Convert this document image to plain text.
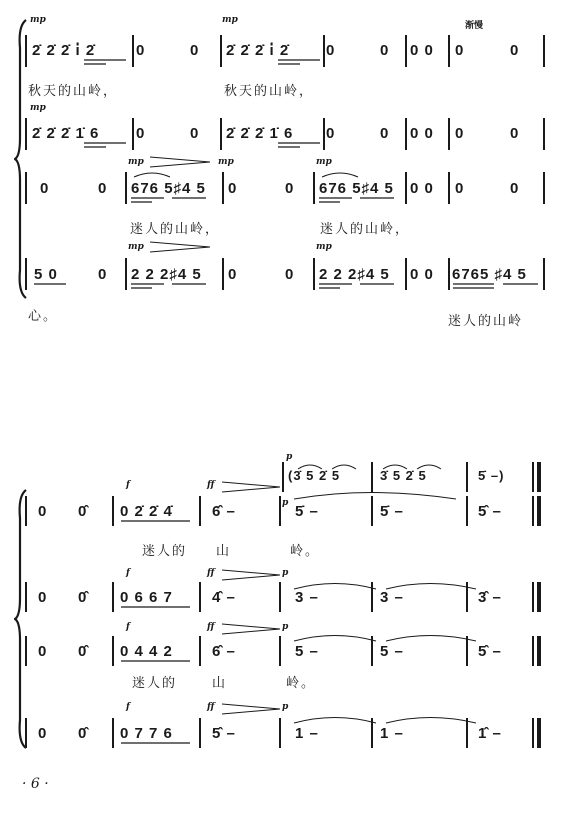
mp	mp
渐慢
2̇ 2̇ 2̇ i̇ 2̇	0	0 2̇ 2̇ 2̇ i̇ 2̇ 0	0 0 0 0	0
秋天的山岭，	秋天的山岭，
mp
2̇ 2̇ 2̇ 1̇ 6 0	0 2̇ 2̇ 2̇ 1̇ 6 0	0 0 0 0	0
mp	mp	mp
0	0 676 5♯4 5 0	0 676 5♯4 5 0 0 0	0
迷人的山岭，	迷人的山岭，
mp	mp
5 0	0 2 2 2♯4 5 0	0 2 2 2♯4 5 0 0 6765 ♯4 5
心。	迷人的山岭
p
(3̇ 5 2̇ 5	3̇ 5 2̇ 5	5̇ –)
f	ff
p
0 0̂ 0 2̇ 2̇ 4̇	6̂ –	5̇ –	5̇ –	5̂ –
迷人的 山	岭。
f	ff	p
0 0̂ 0 6 6 7	4̂ –	3 –	3 –	3̂ –
f	ff	p
0 0̂ 0 4 4 2	6̂ –	5 –	5 –	5̂ –
迷人的	山	岭。
f	ff	p
0 0̂ 0 7 7 6	5̂ –	1 –	1 –	1̂ –
· 6 ·
